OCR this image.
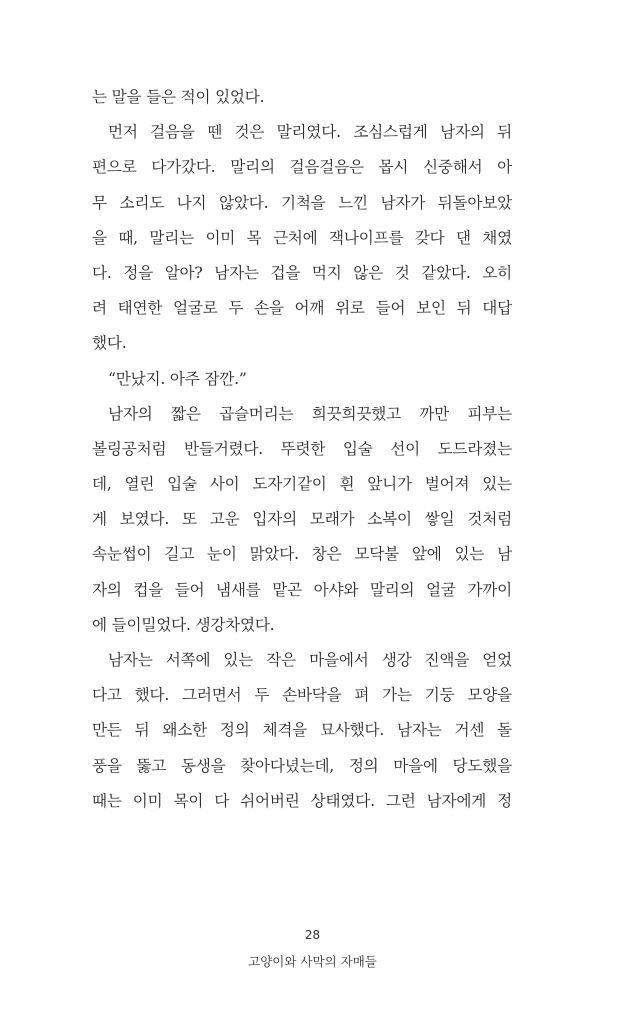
는 말을 들은 적이 있었다.
먼저 걸음을 뗀 것은 말리였다. 조심스럽게 남자의 뒤
편으로 다가갔다. 말리의 걸음걸음은 몹시 신중해서 아
무 소리도 나지 않았다. 기척을 느낀 남자가 뒤돌아보았
을 때, 말리는 이미 목 근처에 잭나이프를 갖다 댄 채였
다. 정을 알아? 남자는 겁을 먹지 않은 것 같았다. 오히
려 태연한 얼굴로 두 손을 어깨 위로 들어 보인 뒤 대답
했다.
“만났지. 아주 잠깐.”
남자의 짧은 곱슬머리는 희끗희끗했고 까만 피부는
볼링공처럼 반들거렸다. 뚜렷한 입술 선이 도드라졌는
데, 열린 입술 사이 도자기같이 흰 앞니가 벌어져 있는
게 보였다. 또 고운 입자의 모래가 소복이 쌓일 것처럼
속눈썹이 길고 눈이 맑았다. 창은 모닥불 앞에 있는 남
자의 컵을 들어 냄새를 맡곤 아샤와 말리의 얼굴 가까이
에 들이밀었다. 생강차였다.
남자는 서쪽에 있는 작은 마을에서 생강 진액을 얻었
다고 했다. 그러면서 두 손바닥을 펴 가는 기둥 모양을
만든 뒤 왜소한 정의 체격을 묘사했다. 남자는 거센 돌
풍을 뚫고 동생을 찾아다녔는데, 정의 마을에 당도했을
때는 이미 목이 다 쉬어버린 상태였다. 그런 남자에게 정
28
고양이와 사막의 자매들
